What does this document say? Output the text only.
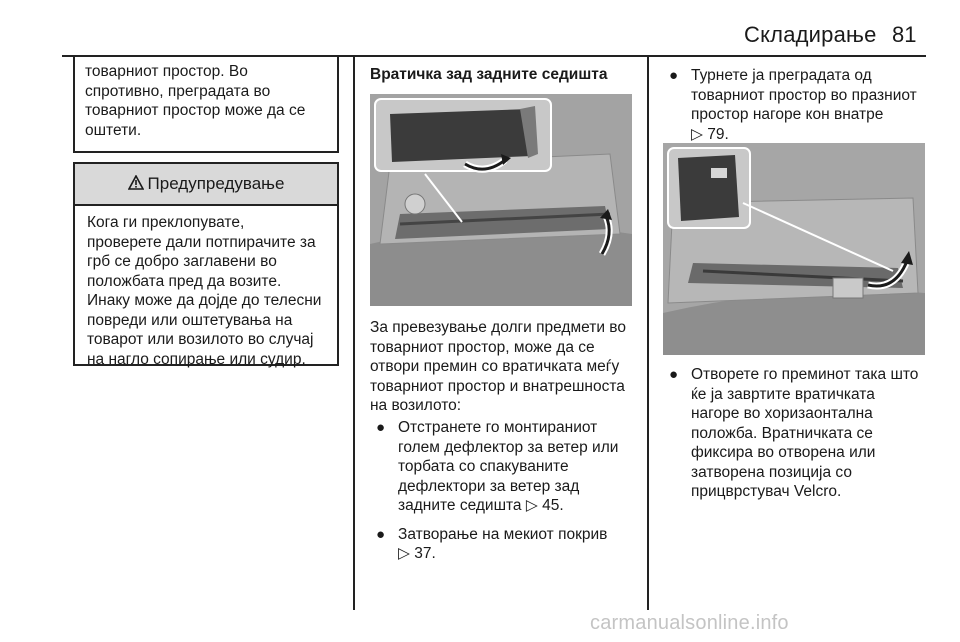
Складирање 81

товарниот простор. Во

спротивно, преградата во

товарниот простор може да се

оштети.

Предупредување

Кога ги преклопувате,

проверете дали потпирачите за

грб се добро заглавени во

положбата пред да возите.

Инаку може да дојде до телесни

повреди или оштетувања на

товарот или возилото во случај

на нагло сопирање или судир.

Вратичка зад задните седишта

За превезување долги предмети во

товарниот простор, може да се

отвори премин со вратичката меѓу

товарниот простор и внатрешноста

на возилото:

● Отстранете го монтираниот

голем дефлектор за ветер или

торбата со спакуваните

дефлектори за ветер зад

задните седишта ▷ 45.

● Затворање на мекиот покрив

▷ 37.

● Турнете ја преградата од

товарниот простор во празниот

простор нагоре кон внатре

▷ 79.

● Отворете го преминот така што

ќе ја завртите вратичката

нагоре во хоризаонтална

положба. Вратничката се

фиксира во отворена или

затворена позиција со

прицврстувач Velcro.

carmanualsonline.info
